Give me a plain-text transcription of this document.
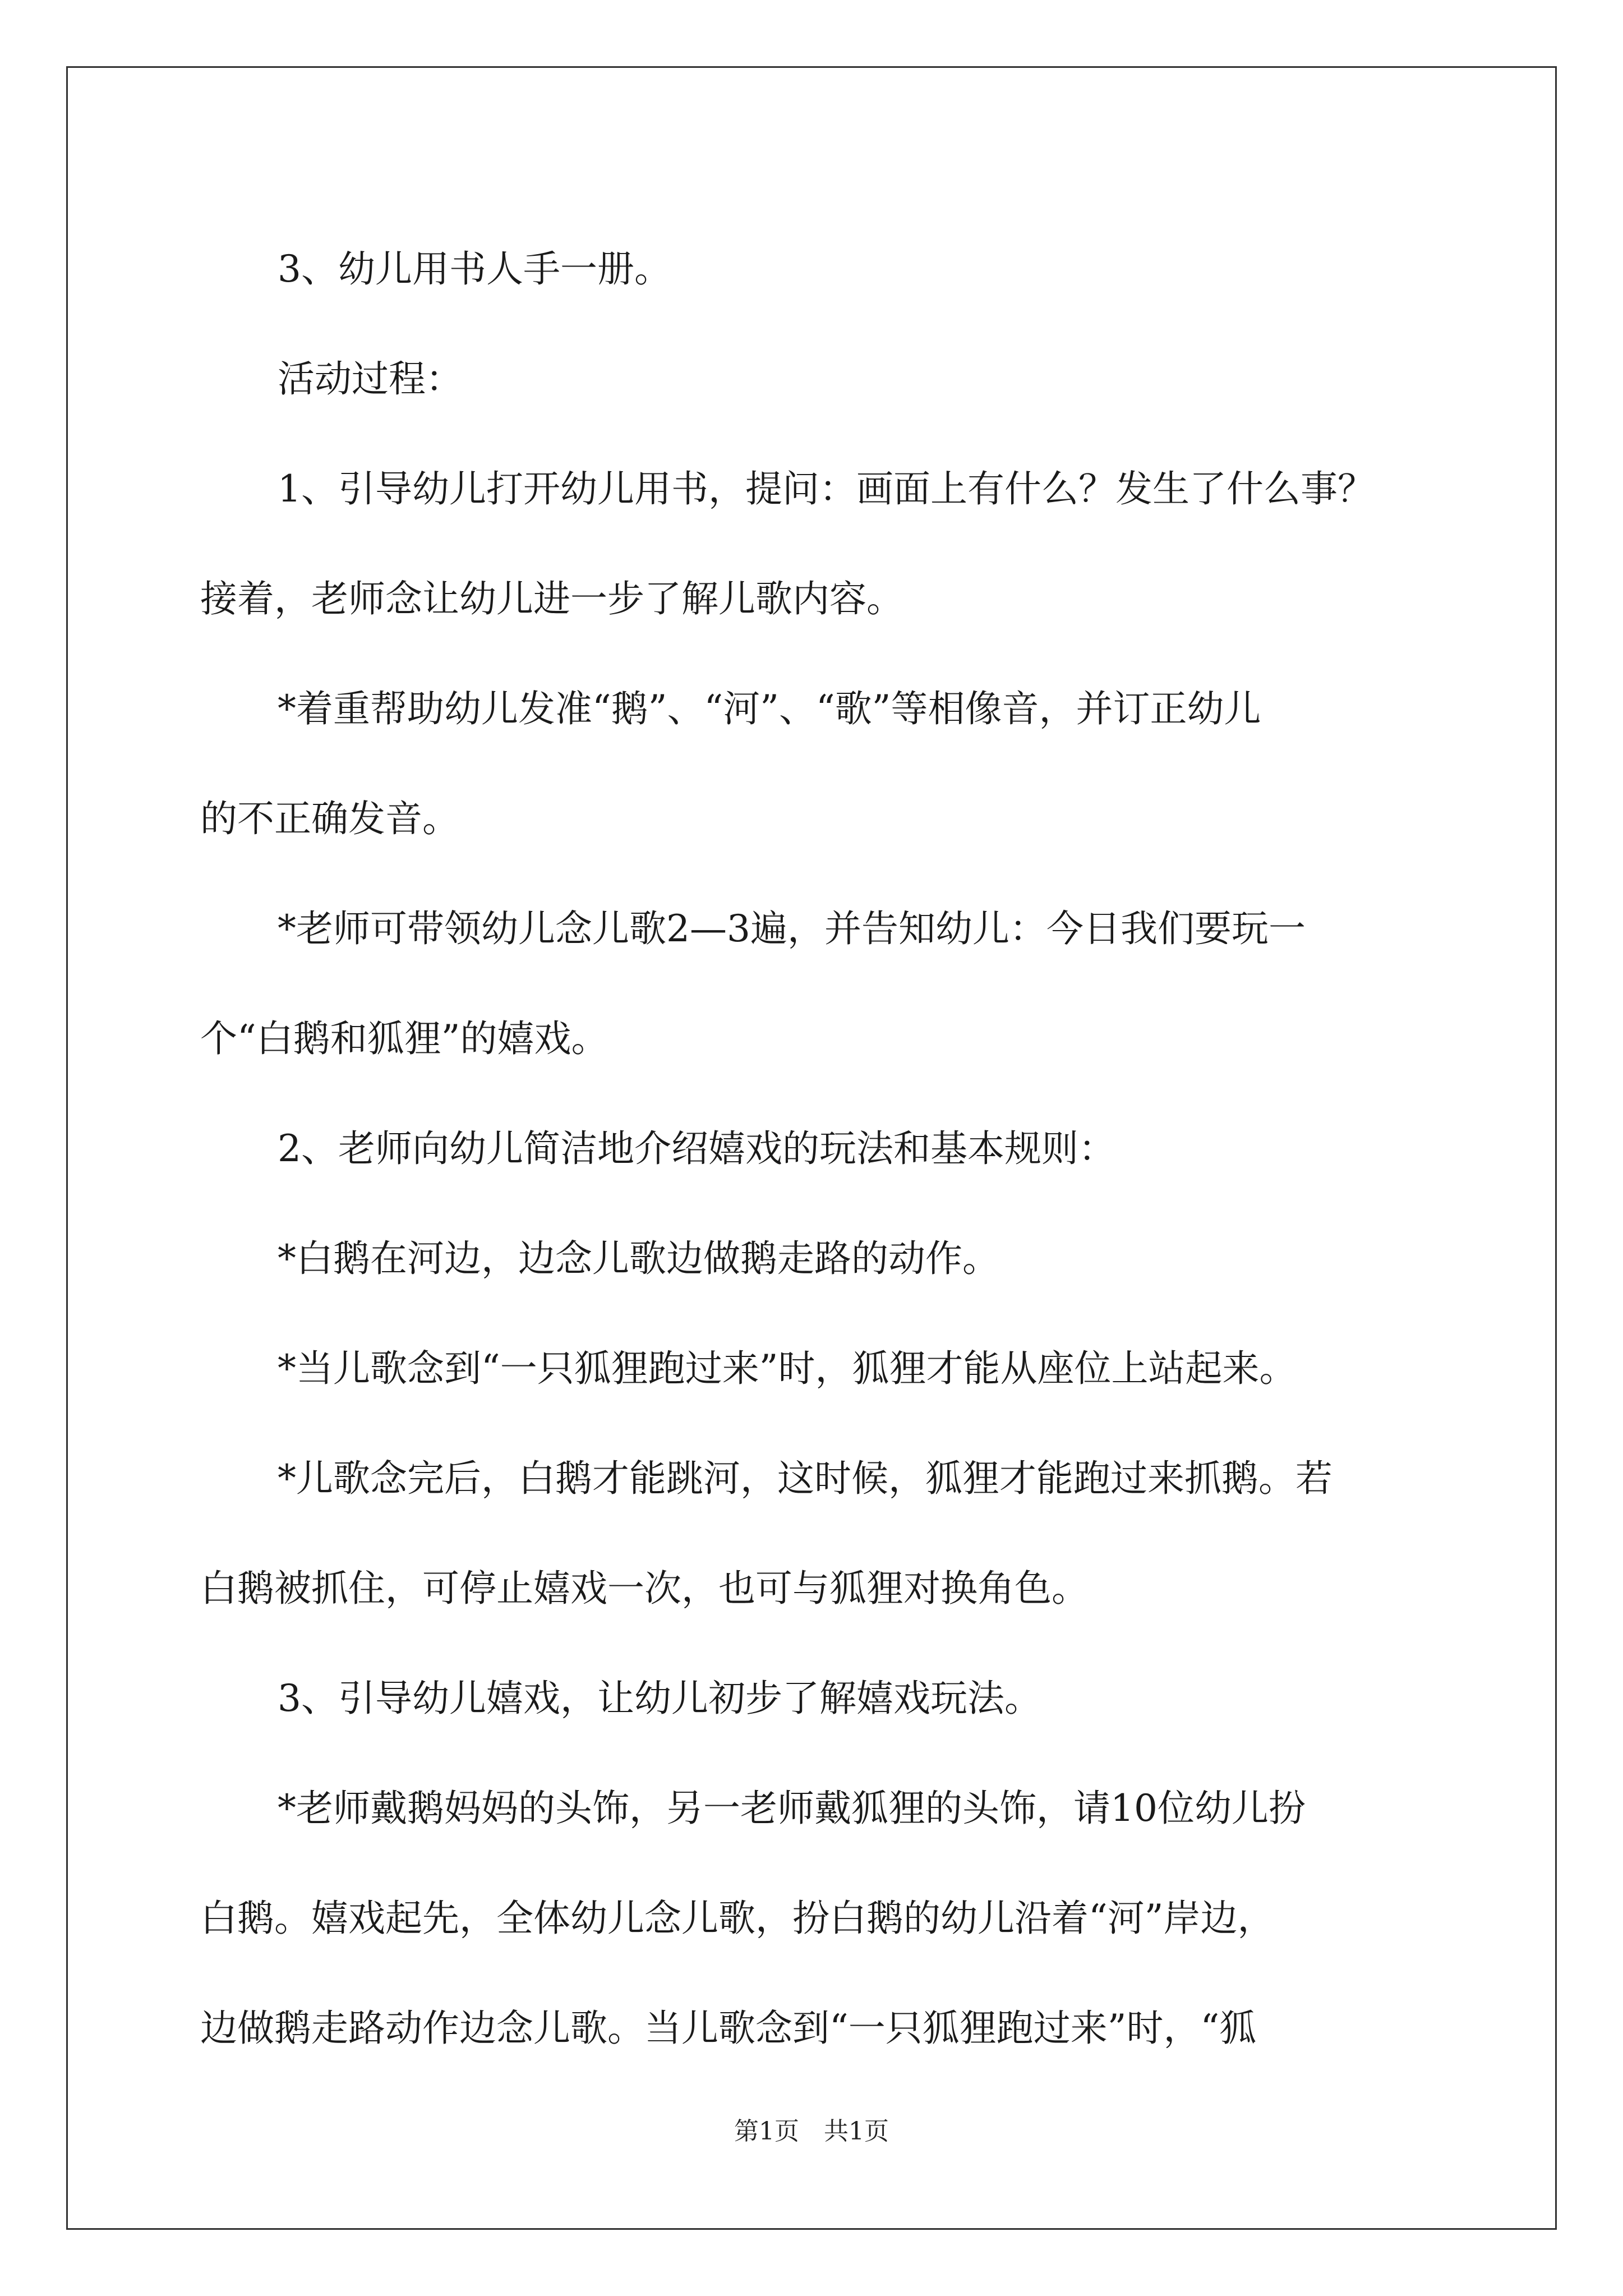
3、幼儿用书人手一册。

活动过程：

1、引导幼儿打开幼儿用书，提问：画面上有什么？发生了什么事？
接着，老师念让幼儿进一步了解儿歌内容。

*着重帮助幼儿发准“鹅”、“河”、“歌”等相像音，并订正幼儿
的不正确发音。

*老师可带领幼儿念儿歌2—3遍，并告知幼儿：今日我们要玩一
个“白鹅和狐狸”的嬉戏。

2、老师向幼儿简洁地介绍嬉戏的玩法和基本规则：

*白鹅在河边，边念儿歌边做鹅走路的动作。

*当儿歌念到“一只狐狸跑过来”时，狐狸才能从座位上站起来。

*儿歌念完后，白鹅才能跳河，这时候，狐狸才能跑过来抓鹅。若
白鹅被抓住，可停止嬉戏一次，也可与狐狸对换角色。

3、引导幼儿嬉戏，让幼儿初步了解嬉戏玩法。

*老师戴鹅妈妈的头饰，另一老师戴狐狸的头饰，请10位幼儿扮
白鹅。嬉戏起先，全体幼儿念儿歌，扮白鹅的幼儿沿着“河”岸边，
边做鹅走路动作边念儿歌。当儿歌念到“一只狐狸跑过来”时，“狐

第1页　共1页
